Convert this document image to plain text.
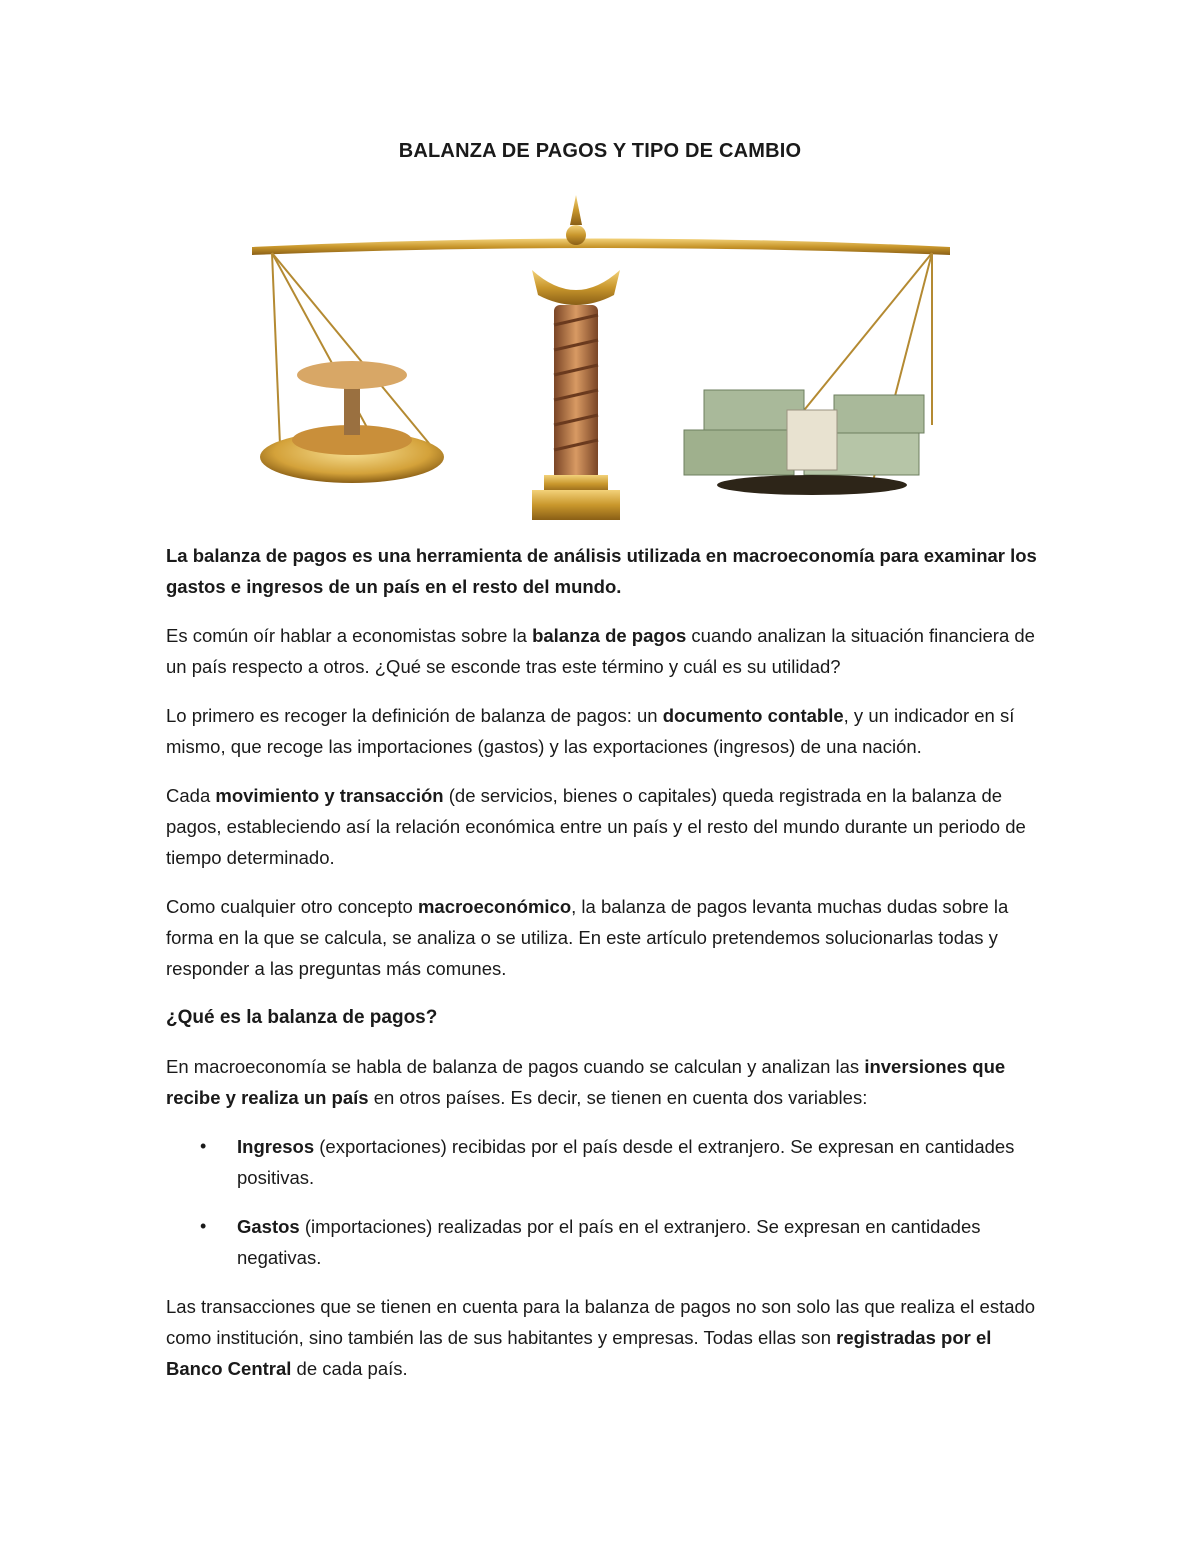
BALANZA DE PAGOS Y TIPO DE CAMBIO

La balanza de pagos es una herramienta de análisis utilizada en macroeconomía para examinar los gastos e ingresos de un país en el resto del mundo.

Es común oír hablar a economistas sobre la balanza de pagos cuando analizan la situación financiera de un país respecto a otros. ¿Qué se esconde tras este término y cuál es su utilidad?

Lo primero es recoger la definición de balanza de pagos: un documento contable, y un indicador en sí mismo, que recoge las importaciones (gastos) y las exportaciones (ingresos) de una nación.

Cada movimiento y transacción (de servicios, bienes o capitales) queda registrada en la balanza de pagos, estableciendo así la relación económica entre un país y el resto del mundo durante un periodo de tiempo determinado.

Como cualquier otro concepto macroeconómico, la balanza de pagos levanta muchas dudas sobre la forma en la que se calcula, se analiza o se utiliza. En este artículo pretendemos solucionarlas todas y responder a las preguntas más comunes.

¿Qué es la balanza de pagos?

En macroeconomía se habla de balanza de pagos cuando se calculan y analizan las inversiones que recibe y realiza un país en otros países. Es decir, se tienen en cuenta dos variables:

• Ingresos (exportaciones) recibidas por el país desde el extranjero. Se expresan en cantidades positivas.
• Gastos (importaciones) realizadas por el país en el extranjero. Se expresan en cantidades negativas.

Las transacciones que se tienen en cuenta para la balanza de pagos no son solo las que realiza el estado como institución, sino también las de sus habitantes y empresas. Todas ellas son registradas por el Banco Central de cada país.
